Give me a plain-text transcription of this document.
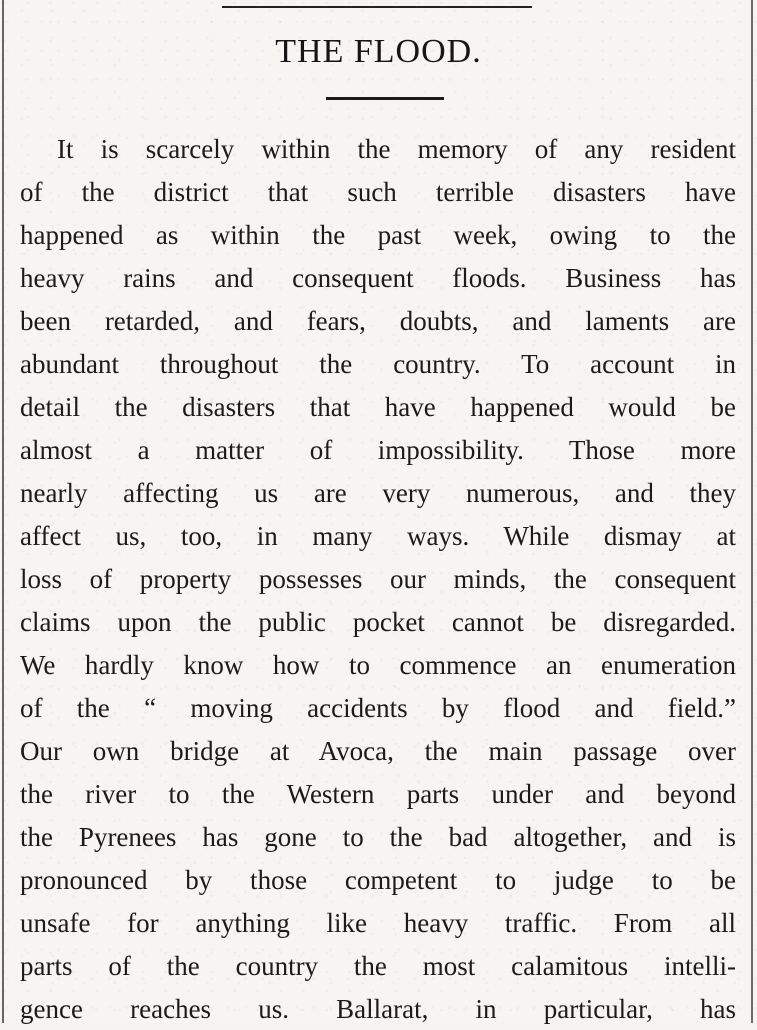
THE FLOOD.
It is scarcely within the memory of any resident
of the district that such terrible disasters have
happened as within the past week, owing to the
heavy rains and consequent floods. Business has
been retarded, and fears, doubts, and laments are
abundant throughout the country. To account in
detail the disasters that have happened would be
almost a matter of impossibility. Those more
nearly affecting us are very numerous, and they
affect us, too, in many ways. While dismay at
loss of property possesses our minds, the consequent
claims upon the public pocket cannot be disregarded.
We hardly know how to commence an enumeration
of the “ moving accidents by flood and field.”
Our own bridge at Avoca, the main passage over
the river to the Western parts under and beyond
the Pyrenees has gone to the bad altogether, and is
pronounced by those competent to judge to be
unsafe for anything like heavy traffic. From all
parts of the country the most calamitous intelli-
gence reaches us. Ballarat, in particular, has
